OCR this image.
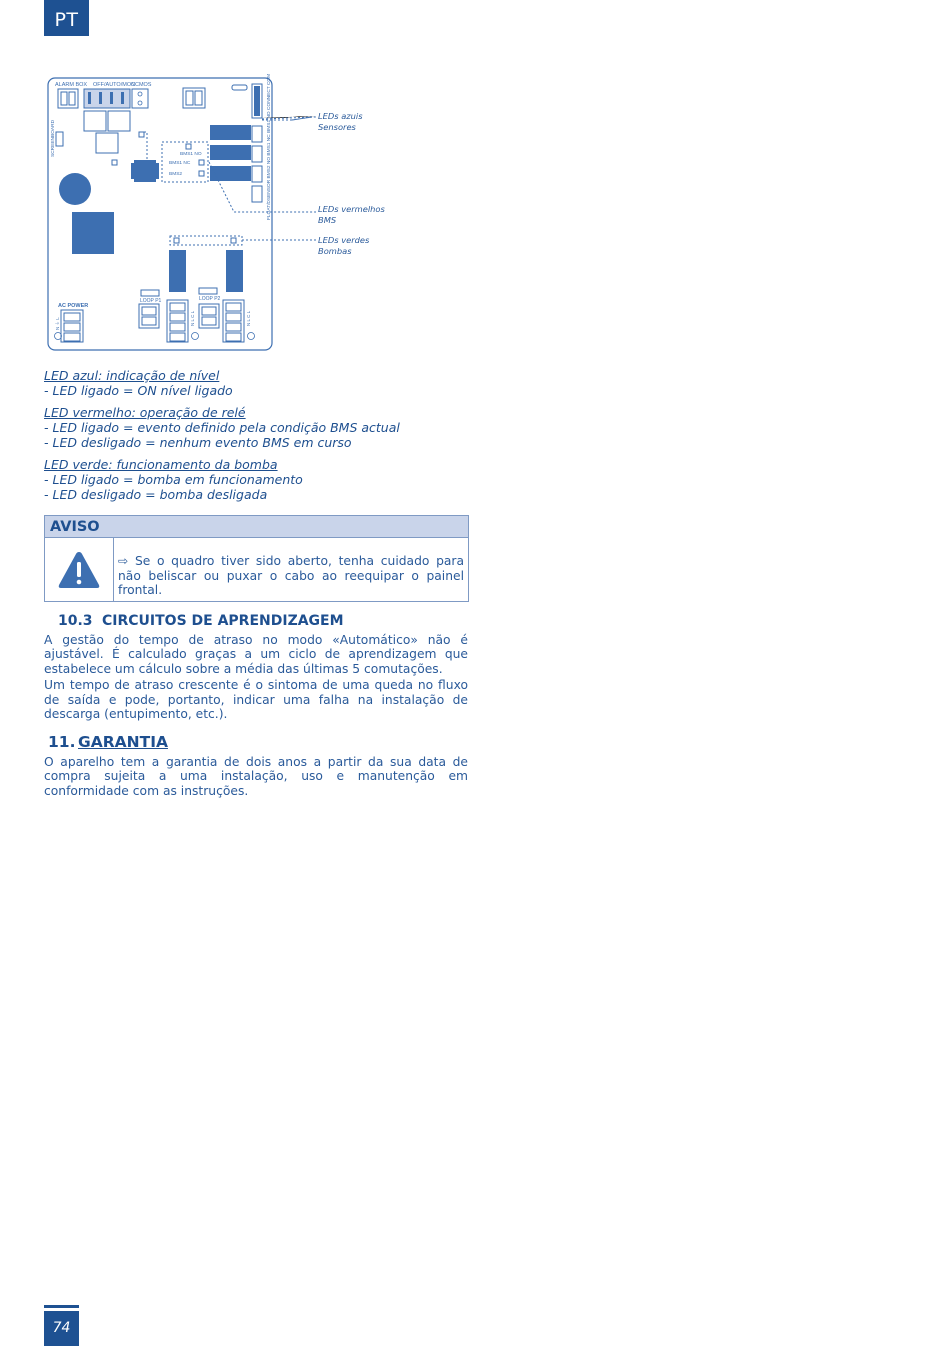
PT
ALARM BOX OFF/AUTO/MON
CCMOS	FLOAT/DSENSOR BMS2 NO BMS1 NC BMS1 NO CONNECT COM
BMS1 NO
BMS1 NC
BMS2
SCREENBOARD
LOOP P1	LOOP P2
N L C L	N L C L
AC POWER
N ⏚ L
LEDs azuis
Sensores
LEDs vermelhos
BMS
LEDs verdes
Bombas
LED azul: indicação de nível
- LED ligado = ON nível ligado
LED vermelho: operação de relé
- LED ligado = evento definido pela condição BMS actual
- LED desligado = nenhum evento BMS em curso
LED verde: funcionamento da bomba
- LED ligado = bomba em funcionamento
- LED desligado = bomba desligada
AVISO
⇨ Se o quadro tiver sido aberto, tenha cuidado para não beliscar ou puxar o cabo ao reequipar o painel frontal.
10.3 CIRCUITOS DE APRENDIZAGEM
A gestão do tempo de atraso no modo «Automático» não é ajustável. É calculado graças a um ciclo de aprendizagem que estabelece um cálculo sobre a média das últimas 5 comutações.
Um tempo de atraso crescente é o sintoma de uma queda no fluxo de saída e pode, portanto, indicar uma falha na instalação de descarga (entupimento, etc.).
11. GARANTIA
O aparelho tem a garantia de dois anos a partir da sua data de compra sujeita a uma instalação, uso e manutenção em conformidade com as instruções.
74
